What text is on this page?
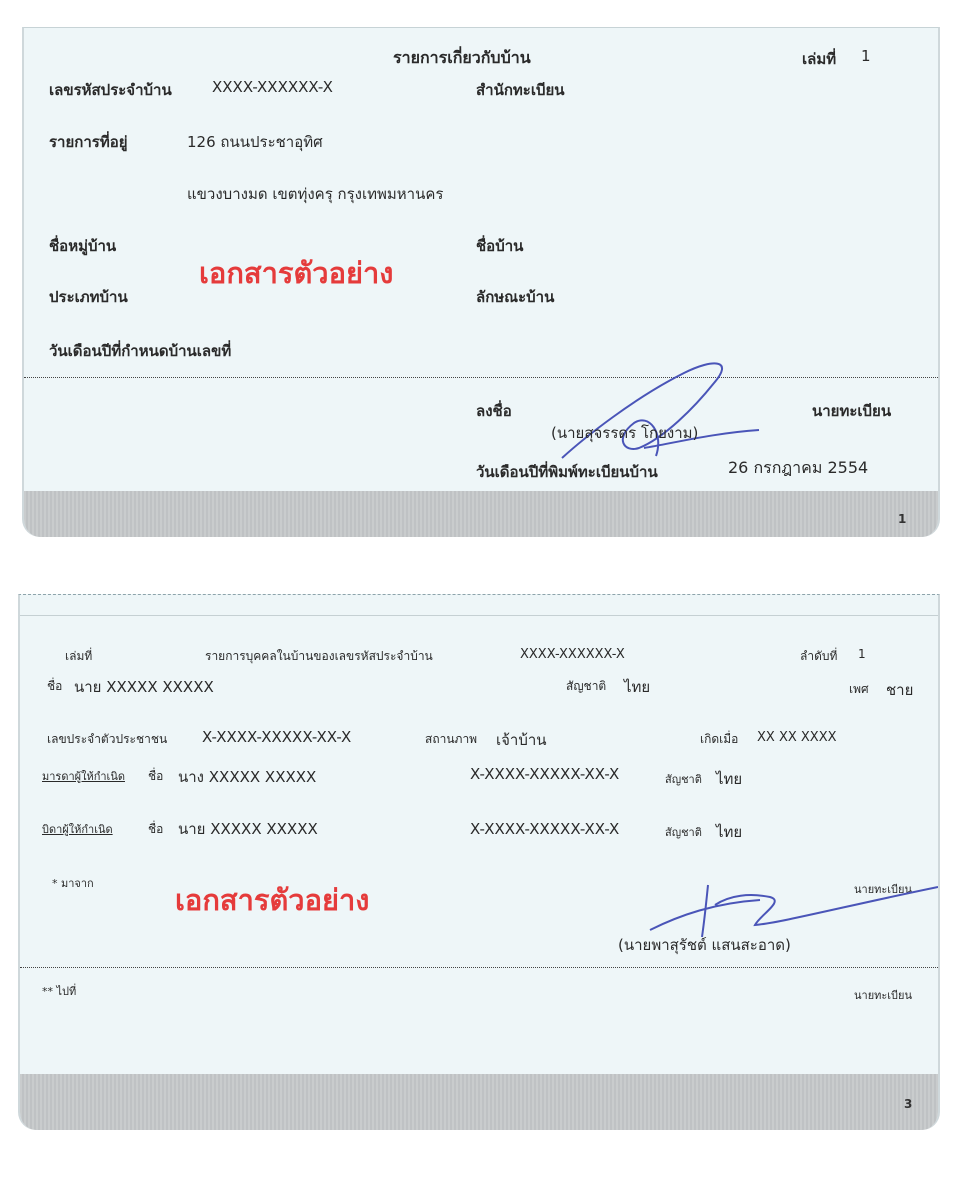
รายการเกี่ยวกับบ้าน	เล่มที่ 1
เลขรหัสประจำบ้าน	XXXX-XXXXXX-X	สำนักทะเบียน
รายการที่อยู่	126 ถนนประชาอุทิศ
แขวงบางมด เขตทุ่งครุ กรุงเทพมหานคร
ชื่อหมู่บ้าน	ชื่อบ้าน
เอกสารตัวอย่าง
ประเภทบ้าน	ลักษณะบ้าน
วันเดือนปีที่กำหนดบ้านเลขที่
ลงชื่อ	นายทะเบียน
(นายสุจรรดร โกยงาม)
วันเดือนปีที่พิมพ์ทะเบียนบ้าน	26 กรกฎาคม 2554
1
เล่มที่	รายการบุคคลในบ้านของเลขรหัสประจำบ้าน	XXXX-XXXXXX-X	ลำดับที่ 1
ชื่อ นาย XXXXX XXXXX	สัญชาติ ไทย	เพศ ชาย
เลขประจำตัวประชาชน X-XXXX-XXXXX-XX-X	สถานภาพ เจ้าบ้าน	เกิดเมื่อ XX XX XXXX
มารดาผู้ให้กำเนิด ชื่อ นาง XXXXX XXXXX	X-XXXX-XXXXX-XX-X	สัญชาติ ไทย
บิดาผู้ให้กำเนิด	ชื่อ นาย XXXXX XXXXX	X-XXXX-XXXXX-XX-X	สัญชาติ ไทย
* มาจาก	นายทะเบียน
เอกสารตัวอย่าง
(นายพาสุรัชต์ แสนสะอาด)
** ไปที่	นายทะเบียน
3
